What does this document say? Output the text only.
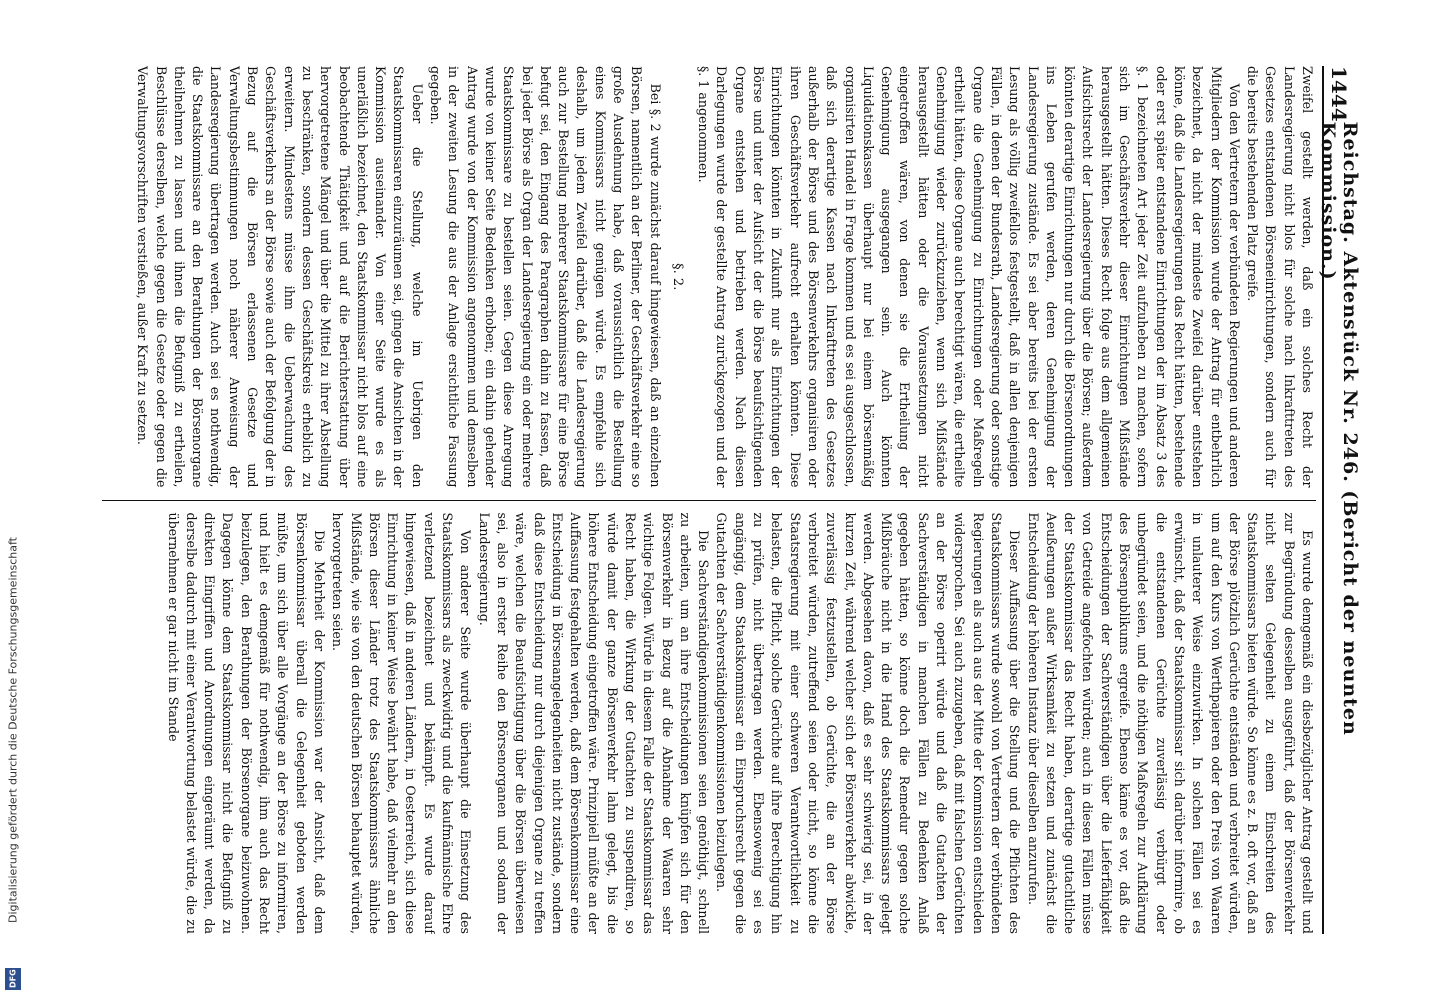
Digitalisierung gefördert durch die Deutsche Forschungsgemeinschaft
DFG
1444
Reichstag. Aktenstück Nr. 246. (Bericht der neunten Kommission.)

Zweifel gestellt werden, daß ein solches Recht der Landesregierung nicht blos für solche nach Inkrafttreten des Gesetzes entstandenen Börseneinrichtungen, sondern auch für die bereits bestehenden Platz greife.

Von den Vertretern der verbündeten Regierungen und anderen Mitgliedern der Kommission wurde der Antrag für entbehrlich bezeichnet, da nicht der mindeste Zweifel darüber entstehen könne, daß die Landesregierungen das Recht hätten, bestehende oder erst später entstandene Einrichtungen der im Absatz 3 des §. 1 bezeichneten Art jeder Zeit aufzuheben zu machen, sofern sich im Geschäftsverkehr dieser Einrichtungen Mißstände herausgestellt hätten. Dieses Recht folge aus dem allgemeinen Aufsichtsrecht der Landesregierung über die Börsen; außerdem könnten derartige Einrichtungen nur durch die Börsenordnungen ins Leben gerufen werden, deren Genehmigung der Landesregierung zustände. Es sei aber bereits bei der ersten Lesung als völlig zweifellos festgestellt, daß in allen denjenigen Fällen, in denen der Bundesrath, Landesregierung oder sonstige Organe die Genehmigung zu Einrichtungen oder Maßregeln ertheilt hätten, diese Organe auch berechtigt wären, die ertheilte Genehmigung wieder zurückzuziehen, wenn sich Mißstände herausgestellt hätten oder die Voraussetzungen nicht eingetroffen wären, von denen sie die Ertheilung der Genehmigung ausgegangen sein. Auch könnten Liquidationskassen überhaupt nur bei einem börsenmäßig organisirten Handel in Frage kommen und es sei ausgeschlossen, daß sich derartige Kassen nach Inkrafttreten des Gesetzes außerhalb der Börse und des Börsenverkehrs organisiren oder ihren Geschäftsverkehr aufrecht erhalten könnten. Diese Einrichtungen könnten in Zukunft nur als Einrichtungen der Börse und unter der Aufsicht der die Börse beaufsichtigenden Organe entstehen und betrieben werden. Nach diesen Darlegungen wurde der gestellte Antrag zurückgezogen und der §. 1 angenommen.

§. 2.

Bei §. 2 wurde zunächst darauf hingewiesen, daß an einzelnen Börsen, namentlich an der Berliner, der Geschäftsverkehr eine so große Ausdehnung habe, daß voraussichtlich die Bestellung eines Kommissars nicht genügen würde. Es empfehle sich deshalb, um jedem Zweifel darüber, daß die Landesregierung auch zur Bestellung mehrerer Staatskommissare für eine Börse befugt sei, den Eingang des Paragraphen dahin zu fassen, daß bei jeder Börse als Organ der Landesregierung ein oder mehrere Staatskommissare zu bestellen seien. Gegen diese Anregung wurde von keiner Seite Bedenken erhoben; ein dahin gehender Antrag wurde von der Kommission angenommen und demselben in der zweiten Lesung die aus der Anlage ersichtliche Fassung gegeben.

Ueber die Stellung, welche im Uebrigen den Staatskommissaren einzuräumen sei, gingen die Ansichten in der Kommission auseinander. Von einer Seite wurde es als unerläßlich bezeichnet, den Staatskommissar nicht blos auf eine beobachtende Thätigkeit und auf die Berichterstattung über hervorgetretene Mängel und über die Mittel zu ihrer Abstellung zu beschränken, sondern dessen Geschäftskreis erheblich zu erweitern. Mindestens müsse ihm die Ueberwachung des Geschäftsverkehrs an der Börse sowie auch der Befolgung der in Bezug auf die Börsen erlassenen Gesetze und Verwaltungsbestimmungen noch näherer Anweisung der Landesregierung übertragen werden. Auch sei es nothwendig, die Staatskommissare an den Berathungen der Börsenorgane theilnehmen zu lassen und ihnen die Befugniß zu ertheilen, Beschlüsse derselben, welche gegen die Gesetze oder gegen die Verwaltungsvorschriften verstießen, außer Kraft zu setzen.

Es wurde demgemäß ein diesbezüglicher Antrag gestellt und zur Begründung desselben ausgeführt, daß der Börsenverkehr nicht selten Gelegenheit zu einem Einschreiten des Staatskommissars bieten würde. So könne es z. B. oft vor, daß an der Börse plötzlich Gerüchte entständen und verbreitet würden, um auf den Kurs von Werthpapieren oder den Preis von Waaren in unlauterer Weise einzuwirken. In solchen Fällen sei es erwünscht, daß der Staatskommissar sich darüber informire, ob die entstandenen Gerüchte zuverlässig verbürgt oder unbegründet seien, und die nöthigen Maßregeln zur Aufklärung des Börsenpublikums ergreife. Ebenso käme es vor, daß die Entscheidungen der Sachverständigen über die Lieferfähigkeit von Getreide angefochten würden; auch in diesen Fällen müsse der Staatskommissar das Recht haben, derartige gutachtliche Aeußerungen außer Wirksamkeit zu setzen und zunächst die Entscheidung der höheren Instanz über dieselben anzurufen.

Dieser Auffassung über die Stellung und die Pflichten des Staatskommissars wurde sowohl von Vertretern der verbündeten Regierungen als auch aus der Mitte der Kommission entschieden widersprochen. Sei auch zuzugeben, daß mit falschen Gerüchten an der Börse operirt würde und daß die Gutachten der Sachverständigen in manchen Fällen zu Bedenken Anlaß gegeben hätten, so könne doch die Remedur gegen solche Mißbräuche nicht in die Hand des Staatskommissars gelegt werden. Abgesehen davon, daß es sehr schwierig sei, in der kurzen Zeit, während welcher sich der Börsenverkehr abwickle, zuverlässig festzustellen, ob Gerüchte, die an der Börse verbreitet würden, zutreffend seien oder nicht, so könne die Staatsregierung mit einer schweren Verantwortlichkeit zu belasten, die Pflicht, solche Gerüchte auf ihre Berechtigung hin zu prüfen, nicht übertragen werden. Ebensowenig sei es angängig, dem Staatskommissar ein Einspruchsrecht gegen die Gutachten der Sachverständigenkommissionen beizulegen.

Die Sachverständigenkommissionen seien genöthigt, schnell zu arbeiten, um an ihre Entscheidungen knüpfen sich für den Börsenverkehr in Bezug auf die Abnahme der Waaren sehr wichtige Folgen. Würde in diesem Falle der Staatskommissar das Recht haben, die Wirkung der Gutachten zu suspendiren, so würde damit der ganze Börsenverkehr lahm gelegt, bis die höhere Entscheidung eingetroffen wäre. Prinzipiell müßte an der Auffassung festgehalten werden, daß dem Börsenkommissar eine Entscheidung in Börsenangelegenheiten nicht zustände, sondern daß diese Entscheidung nur durch diejenigen Organe zu treffen wäre, welchen die Beaufsichtigung über die Börsen überwiesen sei, also in erster Reihe den Börsenorganen und sodann der Landesregierung.

Von anderer Seite wurde überhaupt die Einsetzung des Staatskommissars als zweckwidrig und die kaufmännische Ehre verletzend bezeichnet und bekämpft. Es wurde darauf hingewiesen, daß in anderen Ländern, in Oesterreich, sich diese Einrichtung in keiner Weise bewährt habe, daß vielmehr an den Börsen dieser Länder trotz des Staatskommissars ähnliche Mißstände, wie sie von den deutschen Börsen behauptet würden, hervorgetreten seien.

Die Mehrheit der Kommission war der Ansicht, daß dem Börsenkommissar überall die Gelegenheit geboten werden müßte, um sich über alle Vorgänge an der Börse zu informiren, und hielt es demgemäß für nothwendig, ihm auch das Recht beizulegen, den Berathungen der Börsenorgane beizuwohnen. Dagegen könne dem Staatskommissar nicht die Befugniß zu direkten Eingriffen und Anordnungen eingeräumt werden, da derselbe dadurch mit einer Verantwortung belastet würde, die zu übernehmen er gar nicht im Stande
